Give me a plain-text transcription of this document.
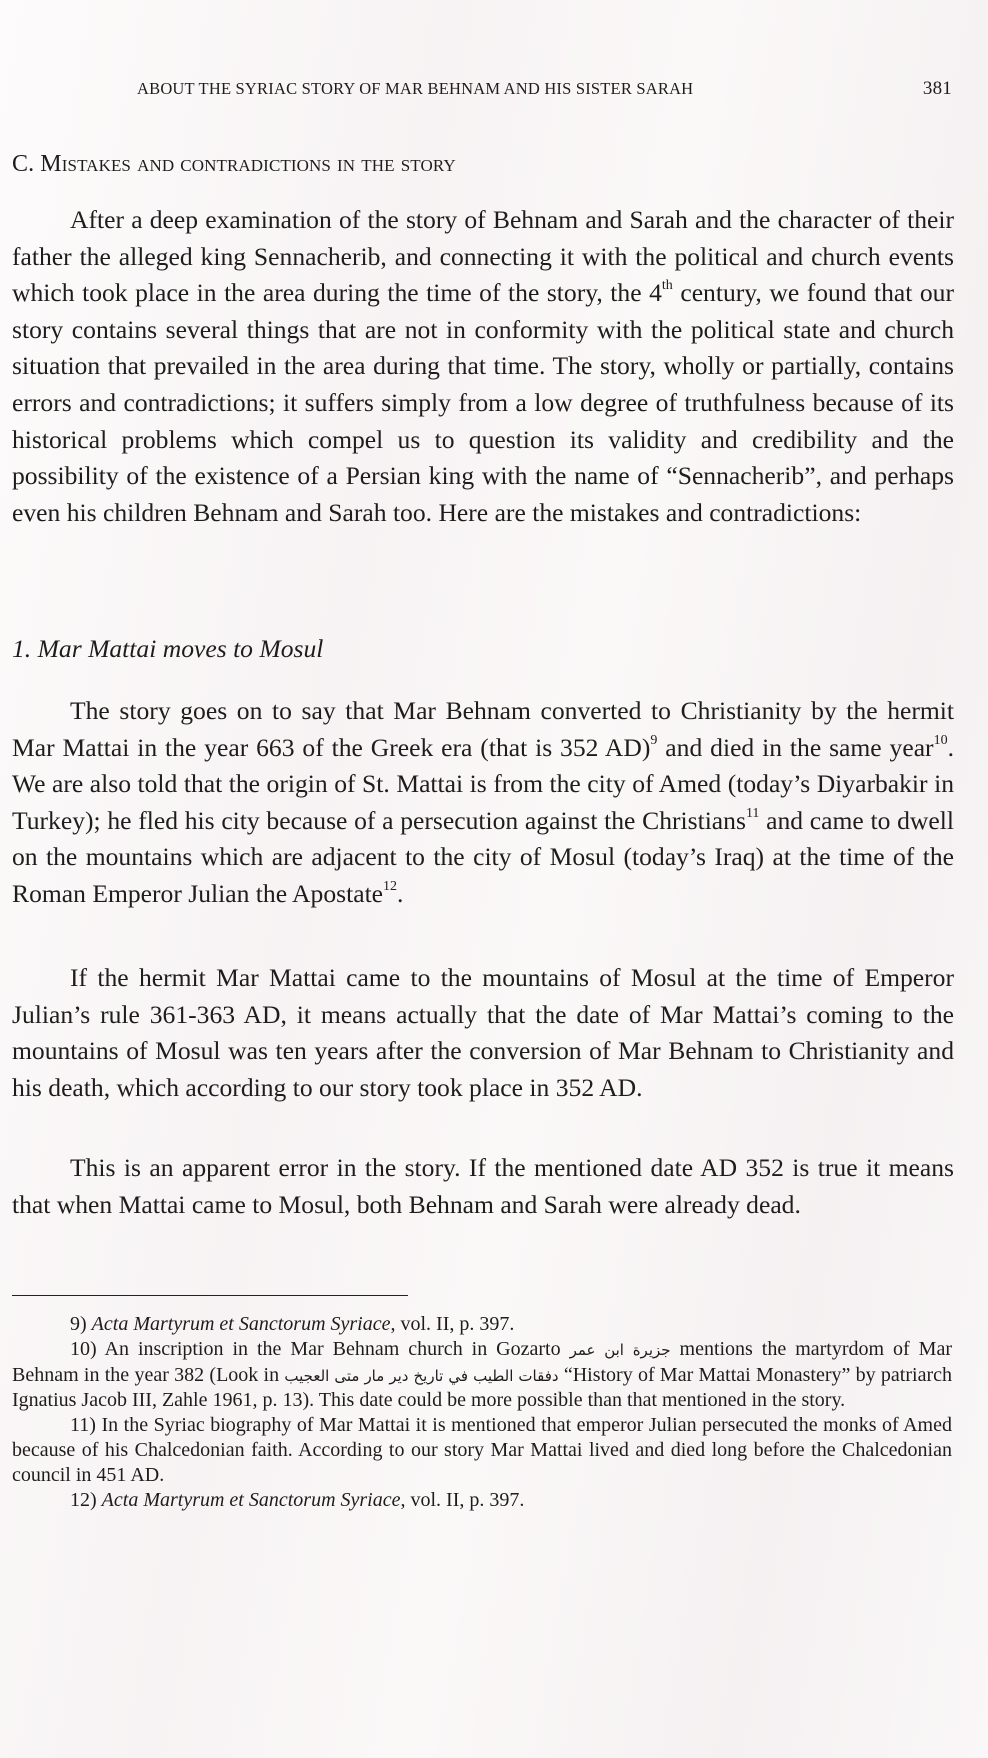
ABOUT THE SYRIAC STORY OF MAR BEHNAM AND HIS SISTER SARAH	381
C. Mistakes and contradictions in the story

After a deep examination of the story of Behnam and Sarah and the character of their father the alleged king Sennacherib, and connecting it with the political and church events which took place in the area during the time of the story, the 4th century, we found that our story contains several things that are not in conformity with the political state and church situation that prevailed in the area during that time. The story, wholly or partially, contains errors and contradictions; it suffers simply from a low degree of truthfulness because of its historical problems which compel us to question its validity and credibility and the possibility of the existence of a Persian king with the name of “Sennacherib”, and perhaps even his children Behnam and Sarah too. Here are the mistakes and contradictions:

1. Mar Mattai moves to Mosul

The story goes on to say that Mar Behnam converted to Christianity by the hermit Mar Mattai in the year 663 of the Greek era (that is 352 AD)$^9$ and died in the same year$^{10}$. We are also told that the origin of St. Mattai is from the city of Amed (today’s Diyarbakir in Turkey); he fled his city because of a persecution against the Christians$^{11}$ and came to dwell on the mountains which are adjacent to the city of Mosul (today’s Iraq) at the time of the Roman Emperor Julian the Apostate$^{12}$.

If the hermit Mar Mattai came to the mountains of Mosul at the time of Emperor Julian’s rule 361-363 AD, it means actually that the date of Mar Mattai’s coming to the mountains of Mosul was ten years after the conversion of Mar Behnam to Christianity and his death, which according to our story took place in 352 AD.

This is an apparent error in the story. If the mentioned date AD 352 is true it means that when Mattai came to Mosul, both Behnam and Sarah were already dead.

9) Acta Martyrum et Sanctorum Syriace, vol. II, p. 397.
10) An inscription in the Mar Behnam church in Gozarto جزيرة ابن عمر mentions the martyrdom of Mar Behnam in the year 382 (Look in دفقات الطيب في تاريخ دير مار متى العجيب “History of Mar Mattai Monastery” by patriarch Ignatius Jacob III, Zahle 1961, p. 13). This date could be more possible than that mentioned in the story.
11) In the Syriac biography of Mar Mattai it is mentioned that emperor Julian persecuted the monks of Amed because of his Chalcedonian faith. According to our story Mar Mattai lived and died long before the Chalcedonian council in 451 AD.
12) Acta Martyrum et Sanctorum Syriace, vol. II, p. 397.
